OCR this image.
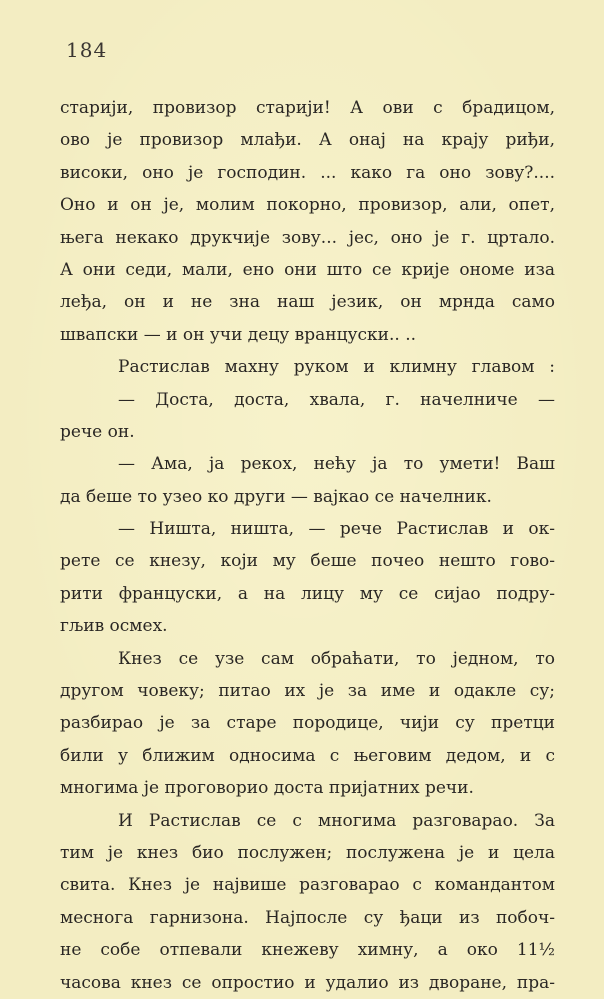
184
старији, провизор старији! А ови с брадицом,
ово је провизор млађи. А онај на крају риђи,
високи, оно је господин. ... како га оно зову?....
Оно и он је, молим покорно, провизор, али, опет,
њега некако друкчије зову... јес, оно је г. цртало.
А они седи, мали, ено они што се крије ономе иза
леђа, он и не зна наш језик, он мрнда само
швапски — и он учи децу вранцуски.. ..
Растислав махну руком и климну главом :
— Доста, доста, хвала, г. начелниче —
рече он.
— Ама, ја рекох, нећу ја то умети! Ваш
да беше то узео ко други — вајкао се начелник.
— Ништа, ништа, — рече Растислав и ок-
рете се кнезу, који му беше почео нешто гово-
рити француски, а на лицу му се сијао подру-
гљив осмех.
Кнез се узе сам обраћати, то једном, то
другом човеку; питао их је за име и одакле су;
разбирао је за старе породице, чији су претци
били у ближим односима с његовим дедом, и с
многима је проговорио доста пријатних речи.
И Растислав се с многима разговарао. За
тим је кнез био послужен; послужена је и цела
свита. Кнез је највише разговарао с командантом
месногa гарнизона. Најпосле су ђаци из побоч-
не собе отпевали кнежеву химну, а око 11½
часова кнез се опростио и удалио из дворане, пра-
